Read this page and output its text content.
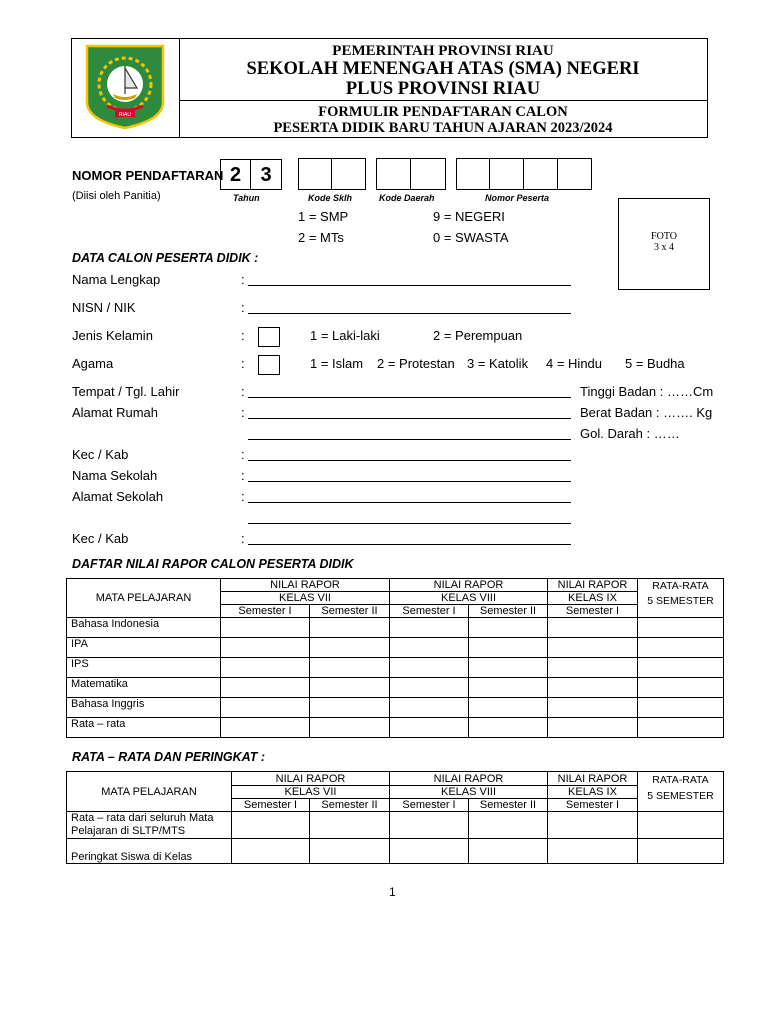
RIAU
PEMERINTAH PROVINSI RIAU
SEKOLAH MENENGAH ATAS (SMA) NEGERI
PLUS PROVINSI RIAU
FORMULIR PENDAFTARAN CALON
PESERTA DIDIK BARU TAHUN AJARAN 2023/2024
NOMOR PENDAFTARAN
(Diisi oleh Panitia)
2 3
Tahun	Kode Sklh	Kode Daerah	Nomor Peserta
1 = SMP
2 = MTs
9 = NEGERI
0 = SWASTA	FOTO
3 x 4
DATA CALON PESERTA DIDIK :
Nama Lengkap	:
NISN / NIK	:
Jenis Kelamin	:	1 = Laki-laki	2 = Perempuan
Agama	:	1 = Islam 2 = Protestan 3 = Katolik 4 = Hindu 5 = Budha
Tempat / Tgl. Lahir	:	Tinggi Badan : ……Cm
Alamat Rumah	:	Berat Badan : ……. Kg
Gol. Darah : ……
Kec / Kab	:
Nama Sekolah	:
Alamat Sekolah	:
Kec / Kab	:
DAFTAR NILAI RAPOR CALON PESERTA DIDIK
MATA PELAJARAN	NILAI RAPOR		NILAI RAPOR		NILAI RAPOR	RATA-RATA
5 SEMESTER

	KELAS VII		KELAS VIII		KELAS IX	
	Semester I	Semester II	Semester I	Semester II	Semester I	
Bahasa Indonesia						
IPA						
IPS						
Matematika						
Bahasa Inggris						
Rata – rata						
RATA – RATA DAN PERINGKAT :
MATA PELAJARAN	NILAI RAPOR		NILAI RAPOR		NILAI RAPOR	RATA-RATA
5 SEMESTER

	KELAS VII		KELAS VIII		KELAS IX	
	Semester I	Semester II	Semester I	Semester II	Semester I	
Rata – rata dari seluruh Mata Pelajaran di SLTP/MTS						
Peringkat Siswa di Kelas						
1
